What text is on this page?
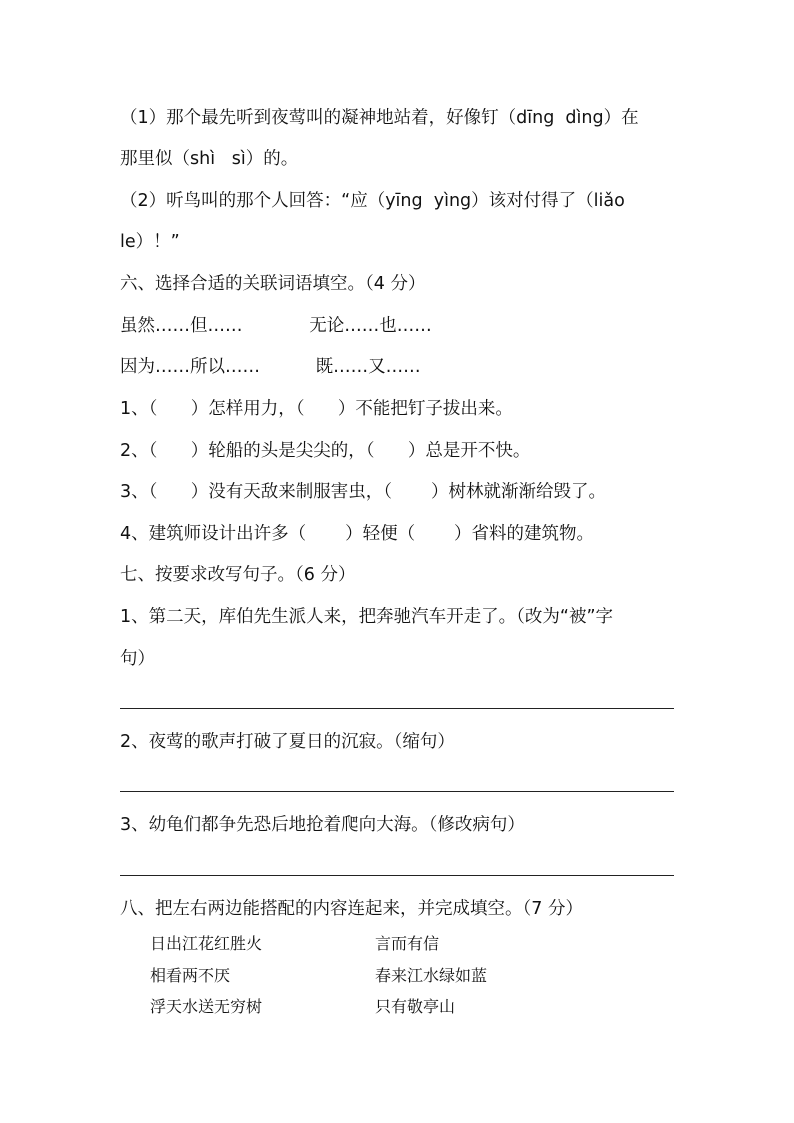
（1）那个最先听到夜莺叫的凝神地站着，好像钉（dīng  dìng）在
那里似（shì   sì）的。
（2）听鸟叫的那个人回答：“应（yīng  yìng）该对付得了（liǎo
le）！”
六、选择合适的关联词语填空。（4 分）
虽然……但……            无论……也……
因为……所以……          既……又……
1、（      ）怎样用力，（      ）不能把钉子拔出来。
2、（      ）轮船的头是尖尖的，（      ）总是开不快。
3、（      ）没有天敌来制服害虫，（       ）树林就渐渐给毁了。
4、建筑师设计出许多（       ）轻便（       ）省料的建筑物。
七、按要求改写句子。（6 分）
1、第二天，库伯先生派人来，把奔驰汽车开走了。（改为“被”字
句）
2、夜莺的歌声打破了夏日的沉寂。（缩句）
3、幼龟们都争先恐后地抢着爬向大海。（修改病句）
八、把左右两边能搭配的内容连起来，并完成填空。（7 分）
日出江花红胜火	言而有信
相看两不厌	春来江水绿如蓝
浮天水送无穷树	只有敬亭山
